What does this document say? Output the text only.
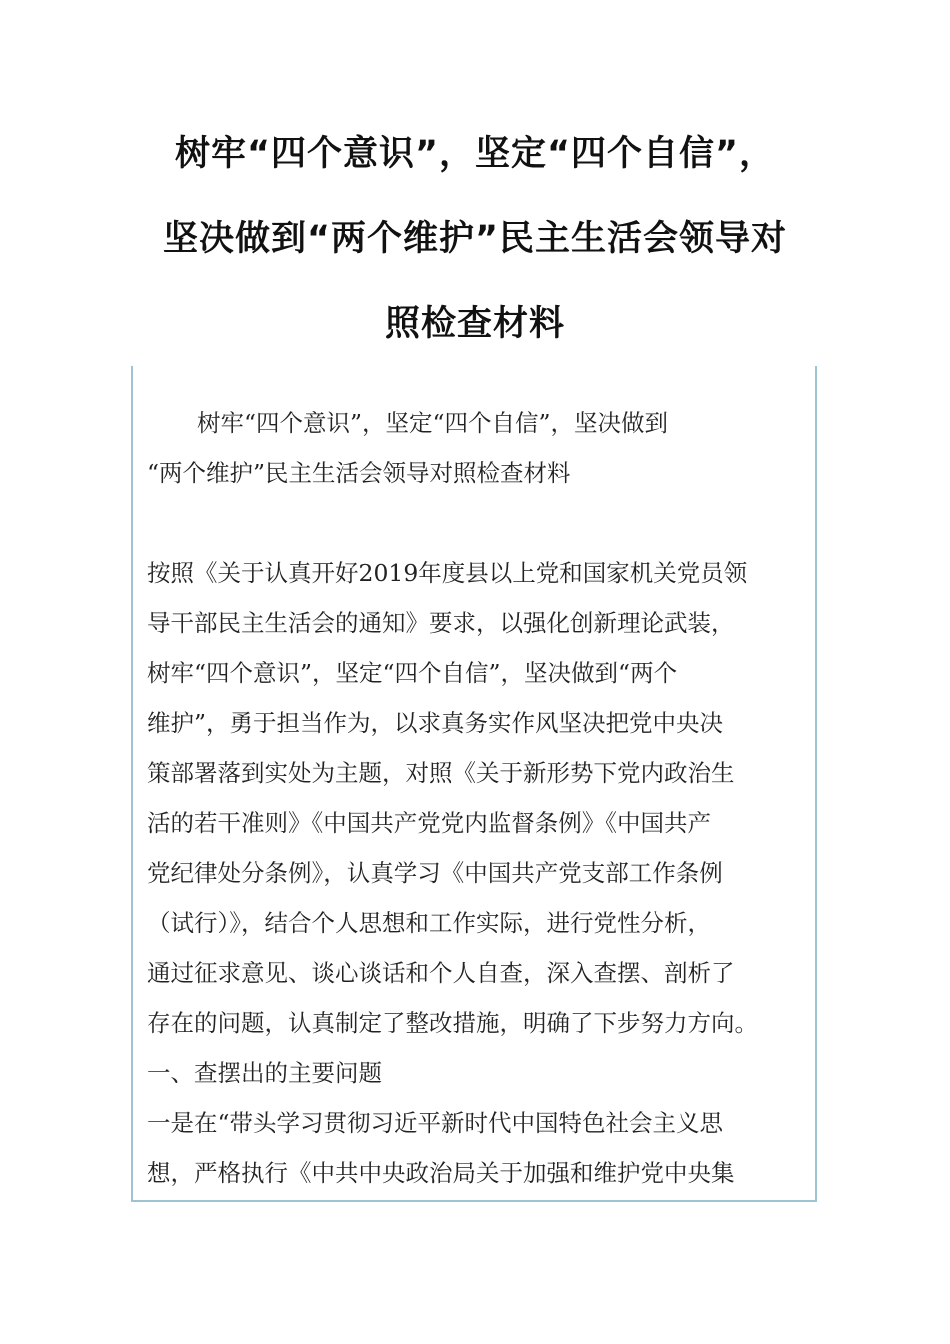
树牢“四个意识”，坚定“四个自信”，
坚决做到“两个维护”民主生活会领导对
照检查材料

树牢“四个意识”，坚定“四个自信”，坚决做到

“两个维护”民主生活会领导对照检查材料

按照《关于认真开好2019年度县以上党和国家机关党员领

导干部民主生活会的通知》要求，以强化创新理论武装，

树牢“四个意识”，坚定“四个自信”，坚决做到“两个

维护”，勇于担当作为，以求真务实作风坚决把党中央决

策部署落到实处为主题，对照《关于新形势下党内政治生

活的若干准则》《中国共产党党内监督条例》《中国共产

党纪律处分条例》，认真学习《中国共产党支部工作条例

（试行）》，结合个人思想和工作实际，进行党性分析，

通过征求意见、谈心谈话和个人自查，深入查摆、剖析了

存在的问题，认真制定了整改措施，明确了下步努力方向。

一、查摆出的主要问题

一是在“带头学习贯彻习近平新时代中国特色社会主义思

想，严格执行《中共中央政治局关于加强和维护党中央集
